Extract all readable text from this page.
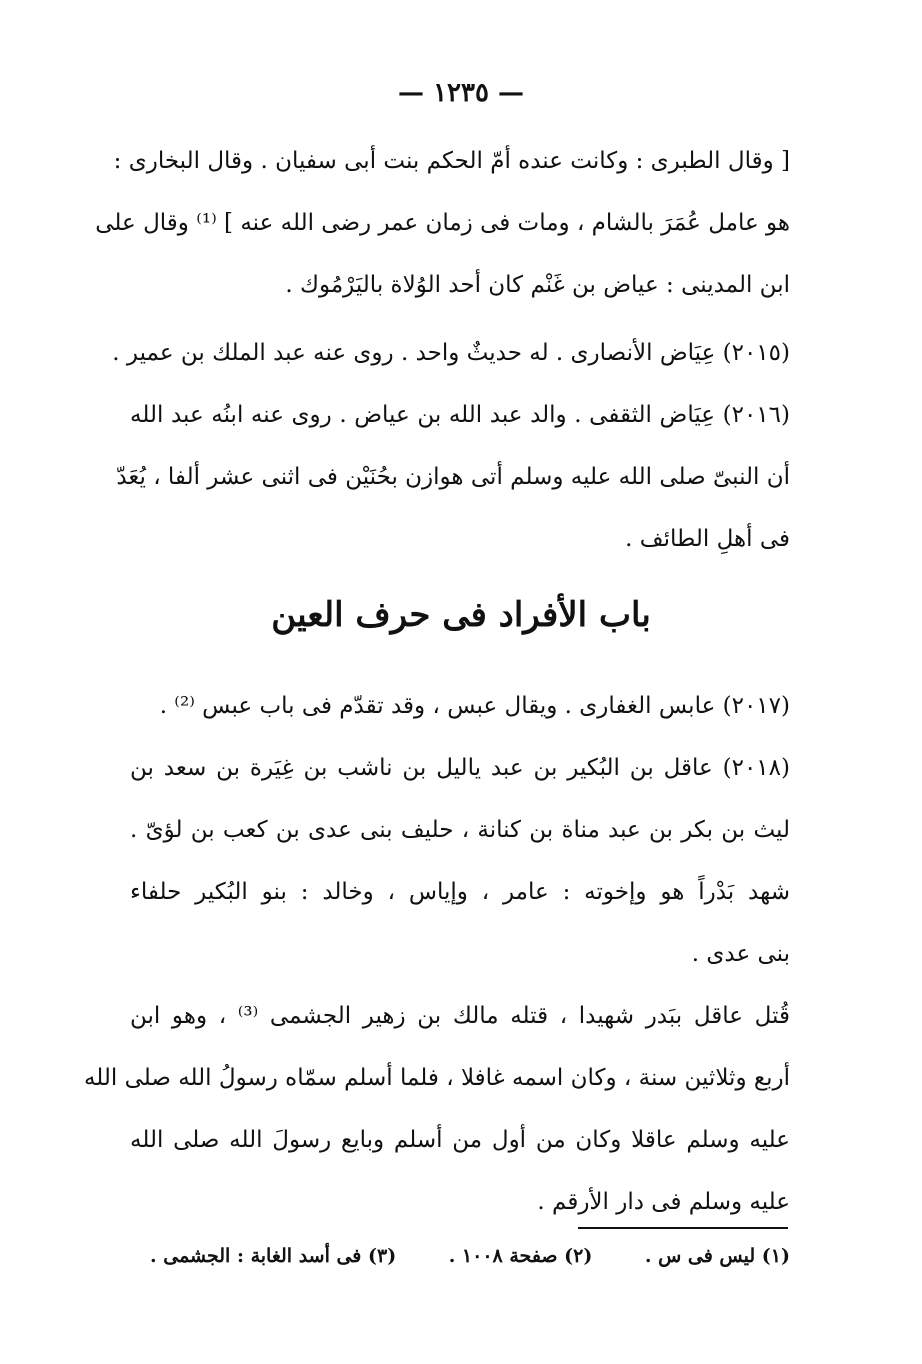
— ١٢٣٥ —
[ وقال الطبرى : وكانت عنده أمّ الحكم بنت أبى سفيان . وقال البخارى :
هو عامل عُمَرَ بالشام ، ومات فى زمان عمر رضى الله عنه ] ⁽¹⁾ وقال على
ابن المدينى : عياض بن غَنْم كان أحد الوُلاة باليَرْمُوك .
(٢٠١٥) عِيَاض الأنصارى . له حديثٌ واحد . روى عنه عبد الملك بن عمير .
(٢٠١٦) عِيَاض الثقفى . والد عبد الله بن عياض . روى عنه ابنُه عبد الله
أن النبىّ صلى الله عليه وسلم أتى هوازن بحُنَيْن فى اثنى عشر ألفا ، يُعَدّ
فى أهلِ الطائف .
باب الأفراد فى حرف العين
(٢٠١٧) عابس الغفارى . ويقال عبس ، وقد تقدّم فى باب عبس ⁽²⁾ .
(٢٠١٨) عاقل بن البُكير بن عبد ياليل بن ناشب بن غِيَرة بن سعد بن
ليث بن بكر بن عبد مناة بن كنانة ، حليف بنى عدى بن كعب بن لؤىّ .
شهد بَدْراً هو وإخوته : عامر ، وإياس ، وخالد : بنو البُكير حلفاء
بنى عدى .
قُتل عاقل ببَدر شهيدا ، قتله مالك بن زهير الجشمى ⁽³⁾ ، وهو ابن
أربع وثلاثين سنة ، وكان اسمه غافلا ، فلما أسلم سمّاه رسولُ الله صلى الله
عليه وسلم عاقلا وكان من أول من أسلم وبايع رسولَ الله صلى الله
عليه وسلم فى دار الأرقم .
(١) ليس فى س .
(٢) صفحة ١٠٠٨ .
(٣) فى أسد الغابة : الجشمى .
